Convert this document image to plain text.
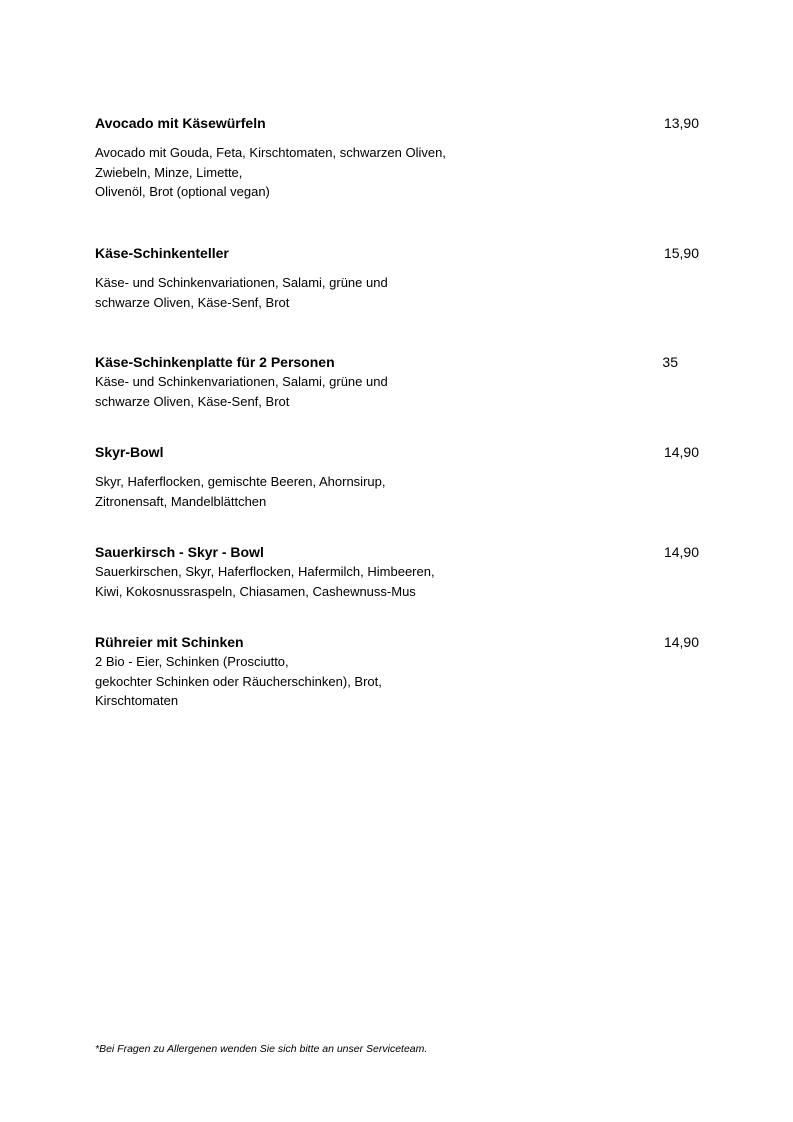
Avocado mit Käsewürfeln	13,90
Avocado mit Gouda, Feta, Kirschtomaten, schwarzen Oliven,
Zwiebeln, Minze, Limette,
Olivenöl, Brot (optional vegan)
Käse-Schinkenteller	15,90
Käse- und Schinkenvariationen, Salami, grüne und
schwarze Oliven, Käse-Senf, Brot
Käse-Schinkenplatte für 2 Personen	35
Käse- und Schinkenvariationen, Salami, grüne und
schwarze Oliven, Käse-Senf, Brot
Skyr-Bowl	14,90
Skyr, Haferflocken, gemischte Beeren, Ahornsirup,
Zitronensaft, Mandelblättchen
Sauerkirsch - Skyr - Bowl	14,90
Sauerkirschen, Skyr, Haferflocken, Hafermilch, Himbeeren,
Kiwi, Kokosnussraspeln, Chiasamen, Cashewnuss-Mus
Rühreier mit Schinken	14,90
2 Bio - Eier, Schinken (Prosciutto,
gekochter Schinken oder Räucherschinken), Brot,
Kirschtomaten
*Bei Fragen zu Allergenen wenden Sie sich bitte an unser Serviceteam.
